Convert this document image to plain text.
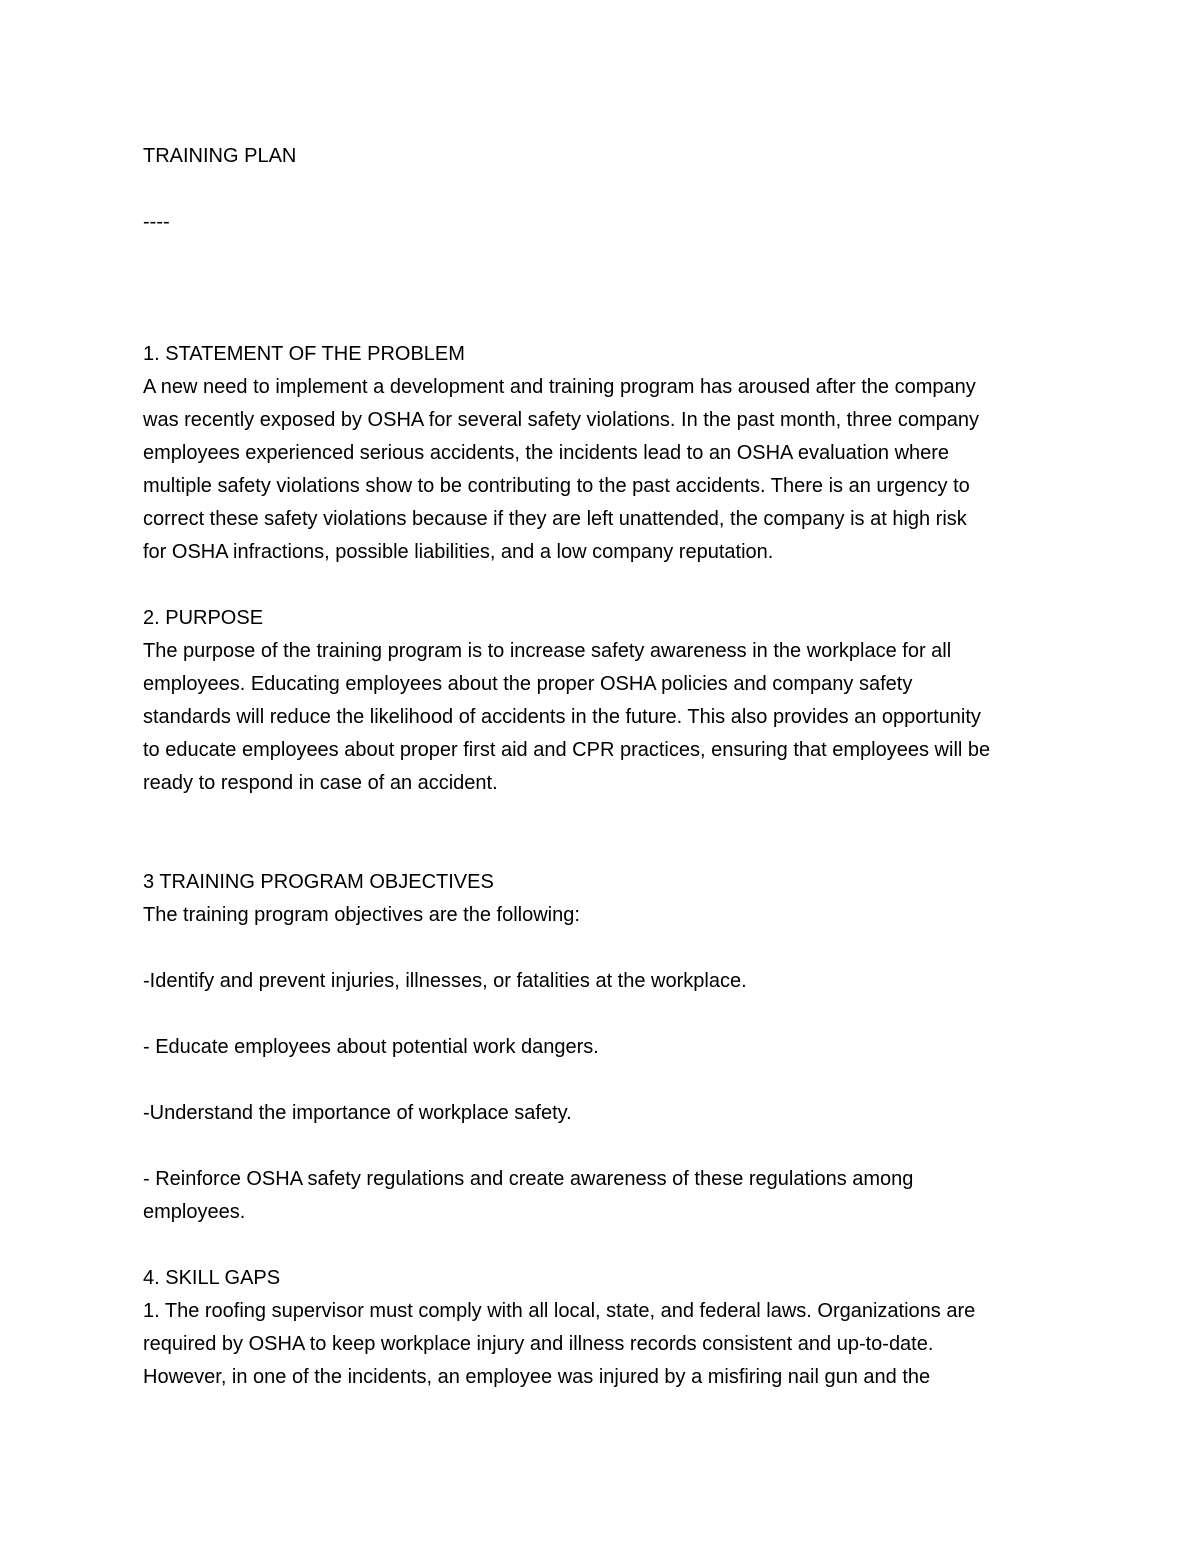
TRAINING PLAN
----
1. STATEMENT OF THE PROBLEM
A new need to implement a development and training program has aroused after the company
was recently exposed by OSHA for several safety violations. In the past month, three company
employees experienced serious accidents, the incidents lead to an OSHA evaluation where
multiple safety violations show to be contributing to the past accidents. There is an urgency to
correct these safety violations because if they are left unattended, the company is at high risk
for OSHA infractions, possible liabilities, and a low company reputation.
2. PURPOSE
The purpose of the training program is to increase safety awareness in the workplace for all
employees. Educating employees about the proper OSHA policies and company safety
standards will reduce the likelihood of accidents in the future. This also provides an opportunity
to educate employees about proper first aid and CPR practices, ensuring that employees will be
ready to respond in case of an accident.
3 TRAINING PROGRAM OBJECTIVES
The training program objectives are the following:
-Identify and prevent injuries, illnesses, or fatalities at the workplace.
- Educate employees about potential work dangers.
-Understand the importance of workplace safety.
- Reinforce OSHA safety regulations and create awareness of these regulations among
employees.
4. SKILL GAPS
1. The roofing supervisor must comply with all local, state, and federal laws. Organizations are
required by OSHA to keep workplace injury and illness records consistent and up-to-date.
However, in one of the incidents, an employee was injured by a misfiring nail gun and the
